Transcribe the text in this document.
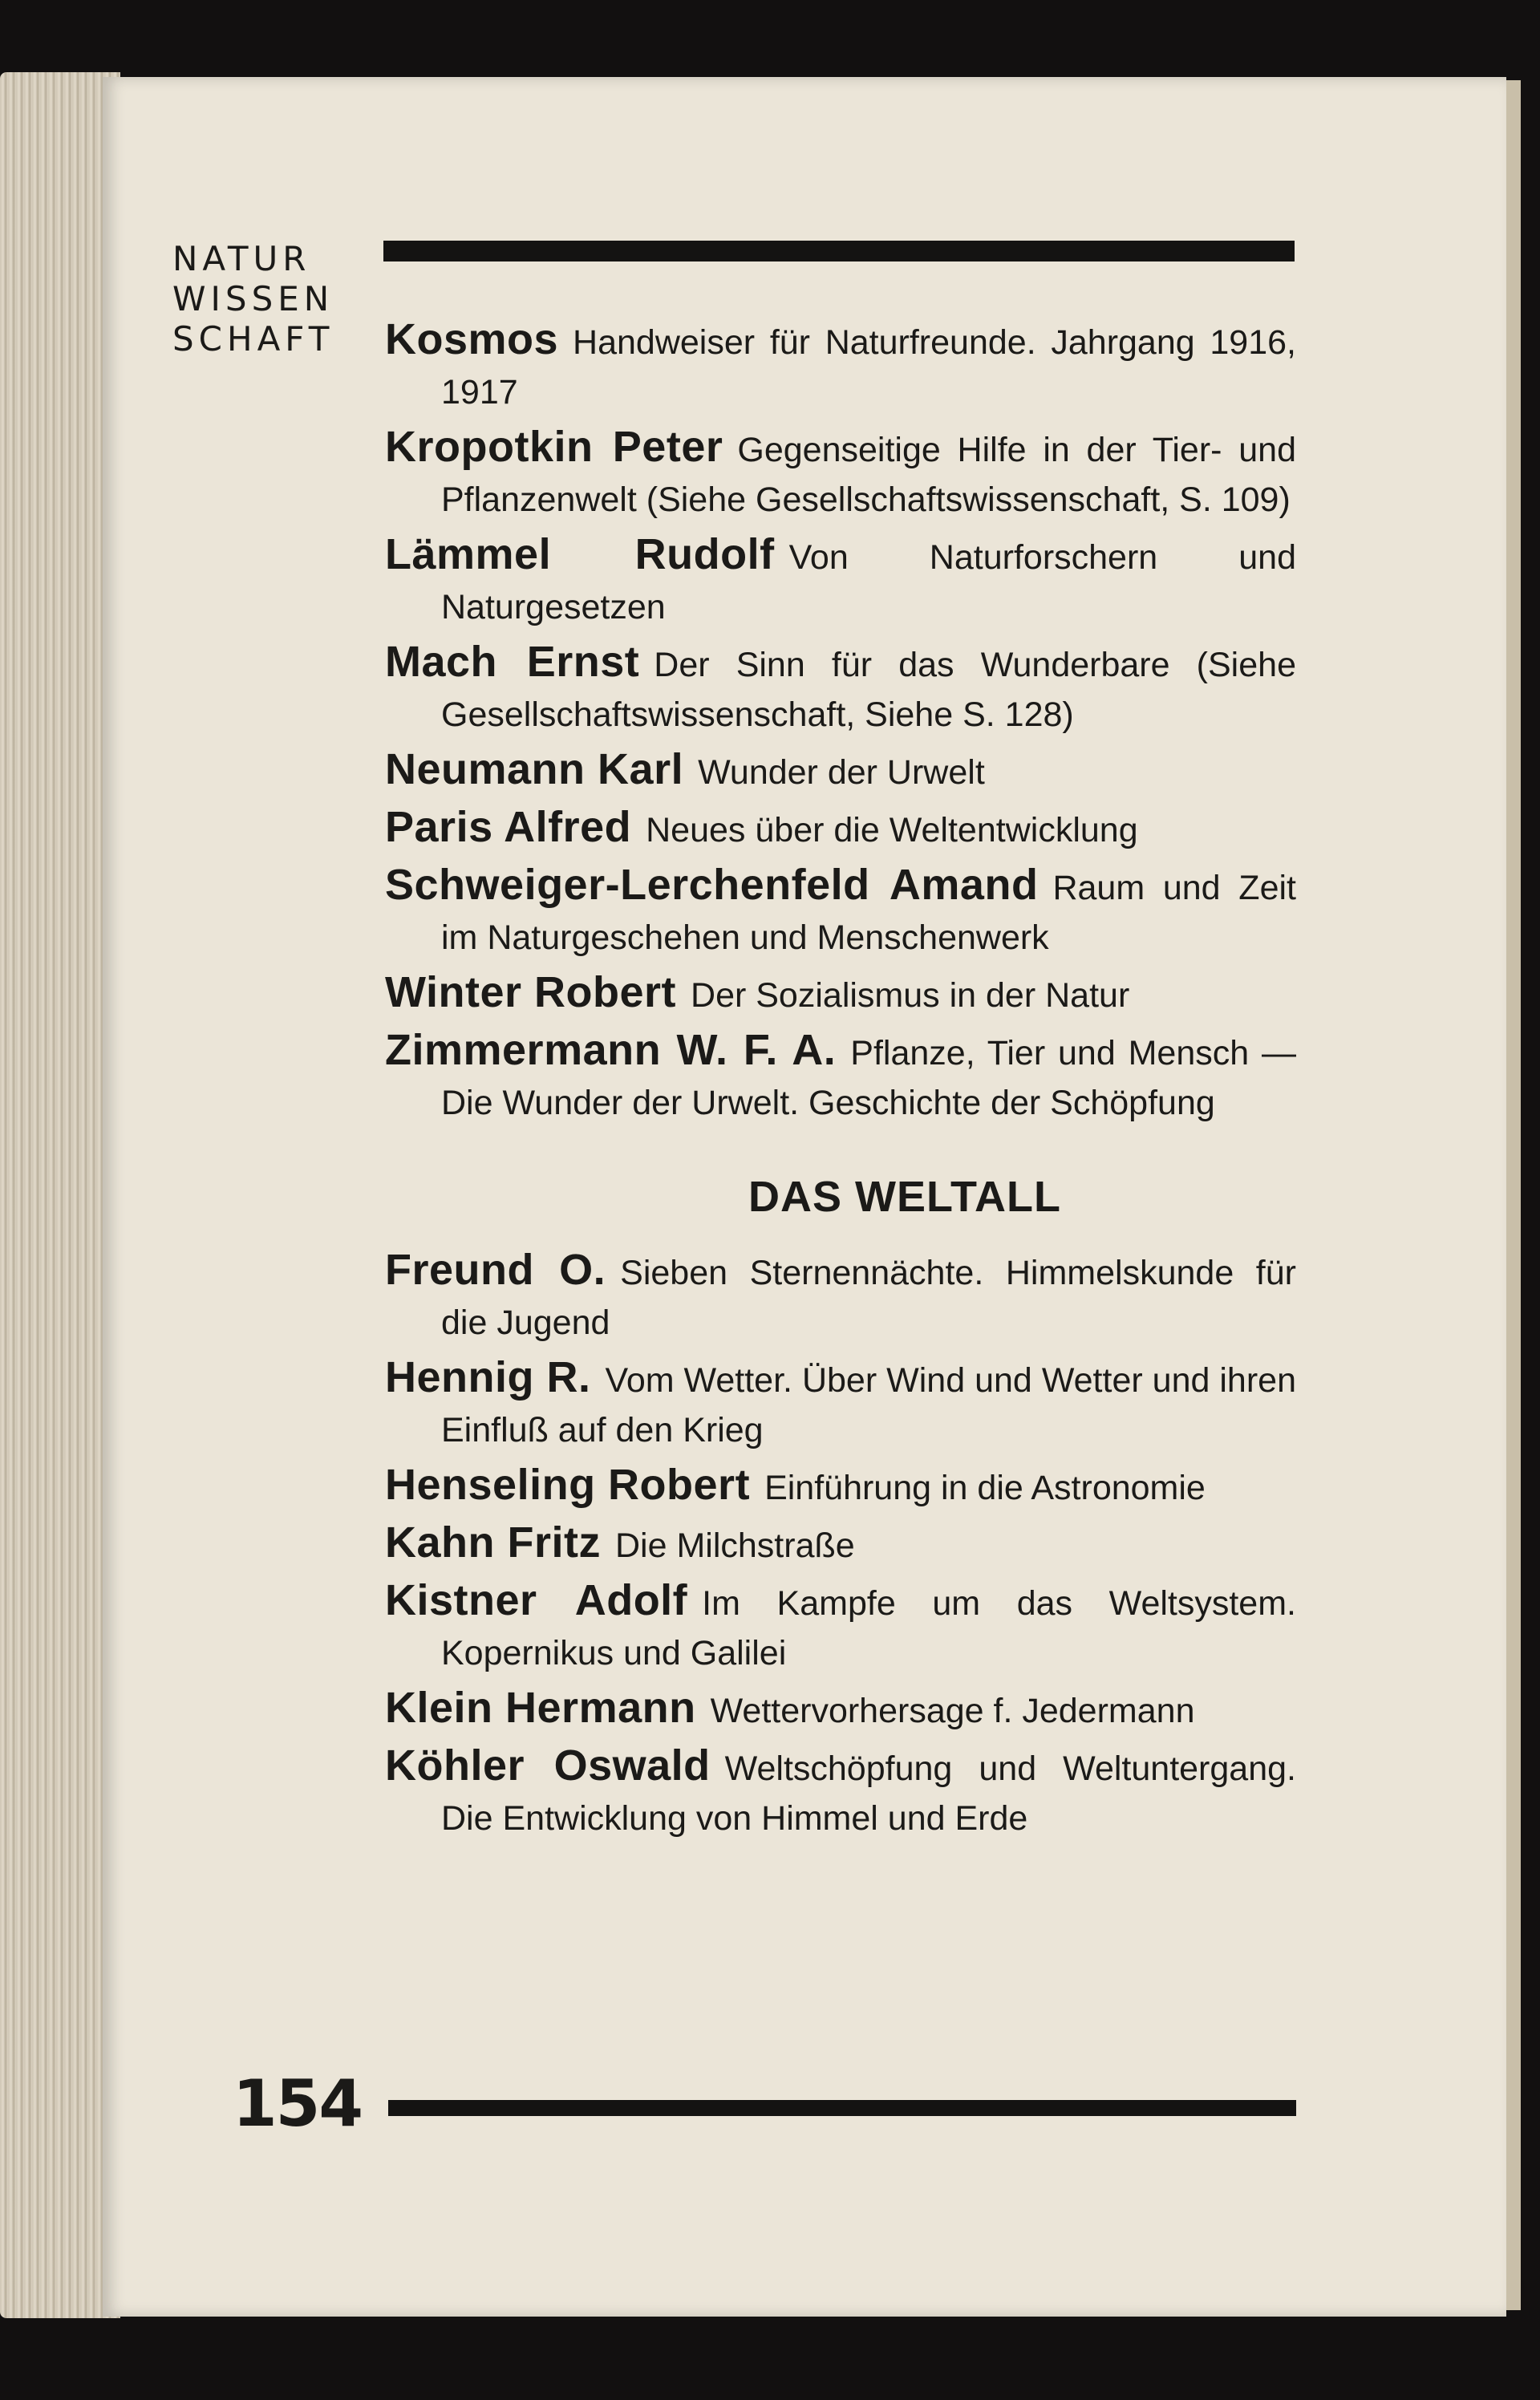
NATUR
WISSEN
SCHAFT	Kosmos Handweiser für Naturfreunde. Jahrgang 1916, 1917
Kropotkin Peter Gegenseitige Hilfe in der Tier- und Pflanzenwelt (Siehe Gesellschaftswissenschaft, S. 109)
Lämmel Rudolf Von Naturforschern und Naturgesetzen
Mach Ernst Der Sinn für das Wunderbare (Siehe Gesellschaftswissenschaft, Siehe S. 128)
Neumann Karl Wunder der Urwelt
Paris Alfred Neues über die Weltentwicklung
Schweiger-Lerchenfeld Amand Raum und Zeit im Naturgeschehen und Menschenwerk
Winter Robert Der Sozialismus in der Natur
Zimmermann W. F. A. Pflanze, Tier und Mensch — Die Wunder der Urwelt. Geschichte der Schöpfung
DAS WELTALL
Freund O. Sieben Sternennächte. Himmelskunde für die Jugend
Hennig R. Vom Wetter. Über Wind und Wetter und ihren Einfluß auf den Krieg
Henseling Robert Einführung in die Astronomie
Kahn Fritz Die Milchstraße
Kistner Adolf Im Kampfe um das Weltsystem. Kopernikus und Galilei
Klein Hermann Wettervorhersage f. Jedermann
Köhler Oswald Weltschöpfung und Weltuntergang. Die Entwicklung von Himmel und Erde
154
